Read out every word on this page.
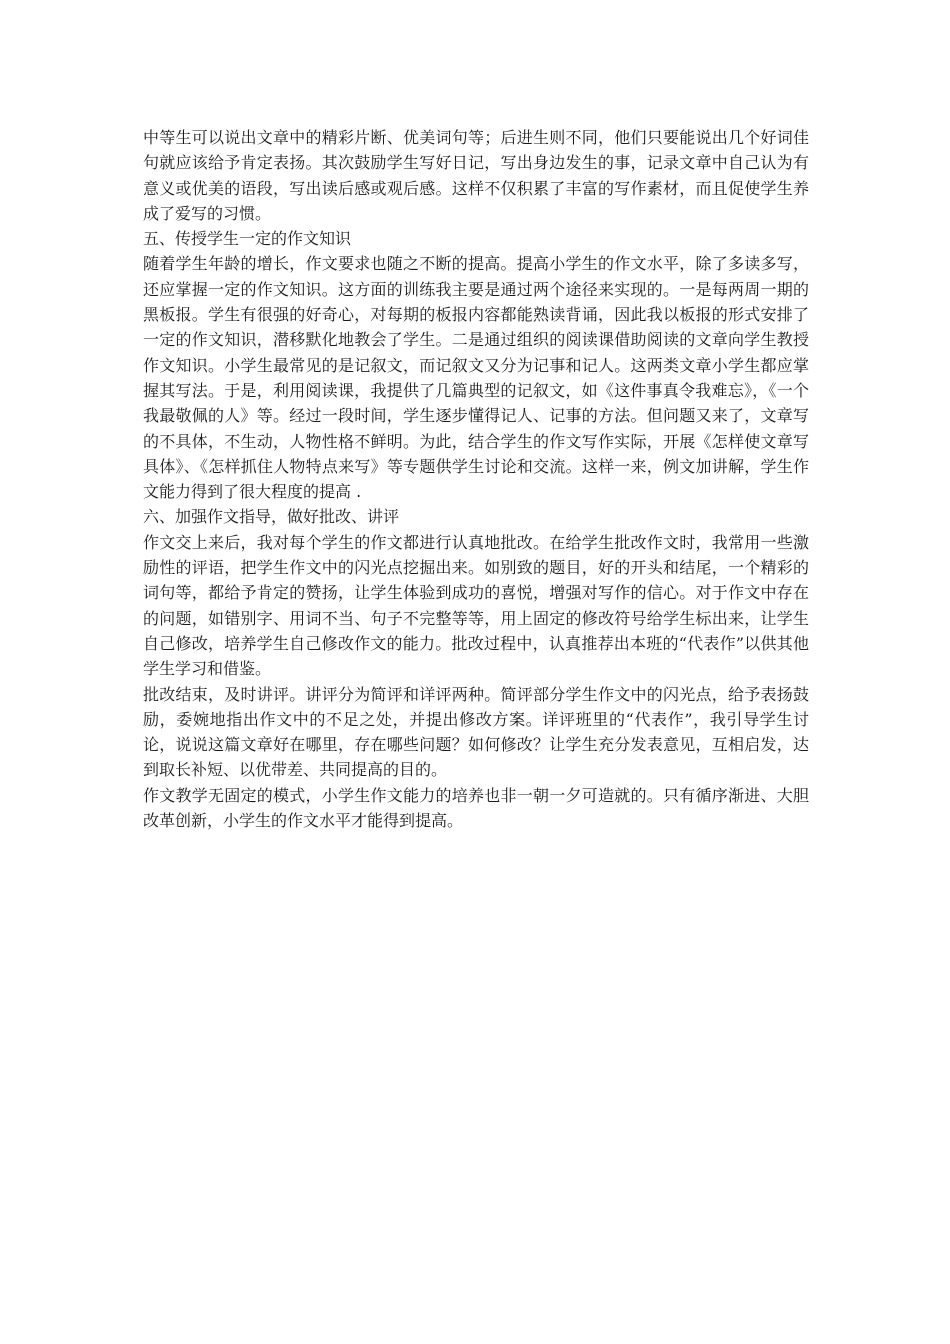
中等生可以说出文章中的精彩片断、优美词句等；后进生则不同，他们只要能说出几个好词佳句就应该给予肯定表扬。其次鼓励学生写好日记，写出身边发生的事，记录文章中自己认为有意义或优美的语段，写出读后感或观后感。这样不仅积累了丰富的写作素材，而且促使学生养成了爱写的习惯。

五、传授学生一定的作文知识

随着学生年龄的增长，作文要求也随之不断的提高。提高小学生的作文水平，除了多读多写，还应掌握一定的作文知识。这方面的训练我主要是通过两个途径来实现的。一是每两周一期的黑板报。学生有很强的好奇心，对每期的板报内容都能熟读背诵，因此我以板报的形式安排了一定的作文知识，潜移默化地教会了学生。二是通过组织的阅读课借助阅读的文章向学生教授作文知识。小学生最常见的是记叙文，而记叙文又分为记事和记人。这两类文章小学生都应掌握其写法。于是，利用阅读课，我提供了几篇典型的记叙文，如《这件事真令我难忘》，《一个我最敬佩的人》等。经过一段时间，学生逐步懂得记人、记事的方法。但问题又来了，文章写的不具体，不生动，人物性格不鲜明。为此，结合学生的作文写作实际，开展《怎样使文章写具体》、《怎样抓住人物特点来写》等专题供学生讨论和交流。这样一来，例文加讲解，学生作文能力得到了很大程度的提高 .

六、加强作文指导，做好批改、讲评

作文交上来后，我对每个学生的作文都进行认真地批改。在给学生批改作文时，我常用一些激励性的评语，把学生作文中的闪光点挖掘出来。如别致的题目，好的开头和结尾，一个精彩的词句等，都给予肯定的赞扬，让学生体验到成功的喜悦，增强对写作的信心。对于作文中存在的问题，如错别字、用词不当、句子不完整等等，用上固定的修改符号给学生标出来，让学生自己修改，培养学生自己修改作文的能力。批改过程中，认真推荐出本班的“代表作”以供其他学生学习和借鉴。

批改结束，及时讲评。讲评分为简评和详评两种。简评部分学生作文中的闪光点，给予表扬鼓励，委婉地指出作文中的不足之处，并提出修改方案。详评班里的“代表作”，我引导学生讨论，说说这篇文章好在哪里，存在哪些问题？如何修改？让学生充分发表意见，互相启发，达到取长补短、以优带差、共同提高的目的。

作文教学无固定的模式，小学生作文能力的培养也非一朝一夕可造就的。只有循序渐进、大胆改革创新，小学生的作文水平才能得到提高。
